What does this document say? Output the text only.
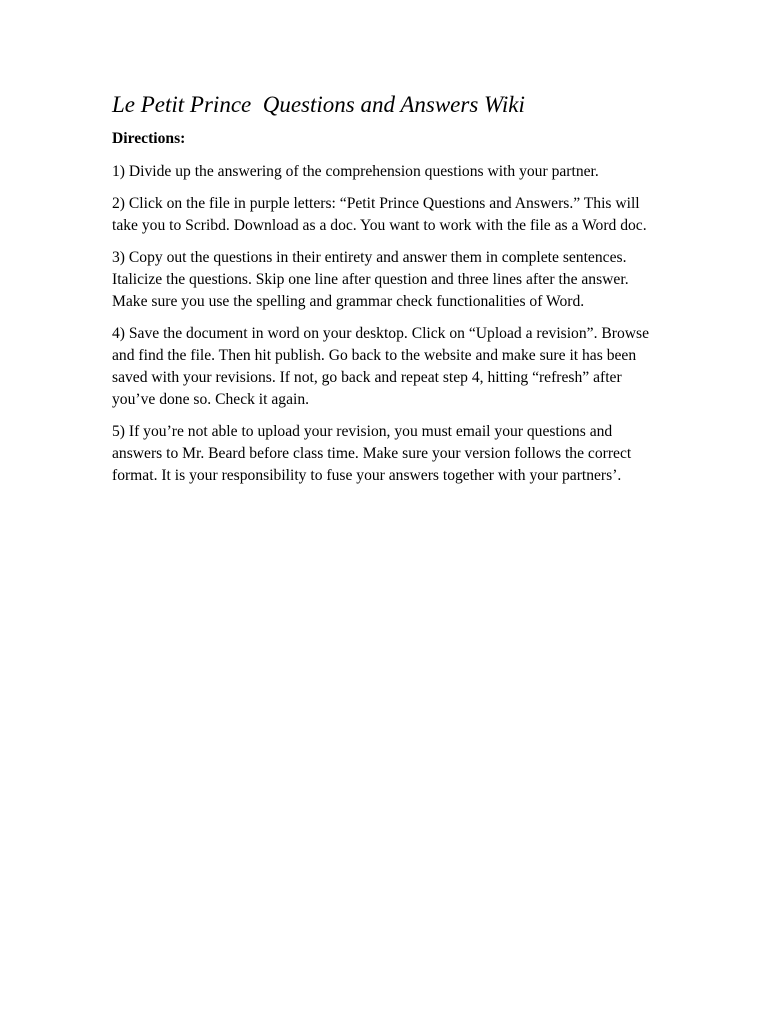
Le Petit Prince  Questions and Answers Wiki
Directions:

1) Divide up the answering of the comprehension questions with your partner.

2) Click on the file in purple letters: “Petit Prince Questions and Answers.” This will take you to Scribd. Download as a doc. You want to work with the file as a Word doc.

3) Copy out the questions in their entirety and answer them in complete sentences. Italicize the questions. Skip one line after question and three lines after the answer. Make sure you use the spelling and grammar check functionalities of Word.

4) Save the document in word on your desktop. Click on “Upload a revision”. Browse and find the file. Then hit publish. Go back to the website and make sure it has been saved with your revisions. If not, go back and repeat step 4, hitting “refresh” after you’ve done so. Check it again.

5) If you’re not able to upload your revision, you must email your questions and answers to Mr. Beard before class time. Make sure your version follows the correct format. It is your responsibility to fuse your answers together with your partners’.
